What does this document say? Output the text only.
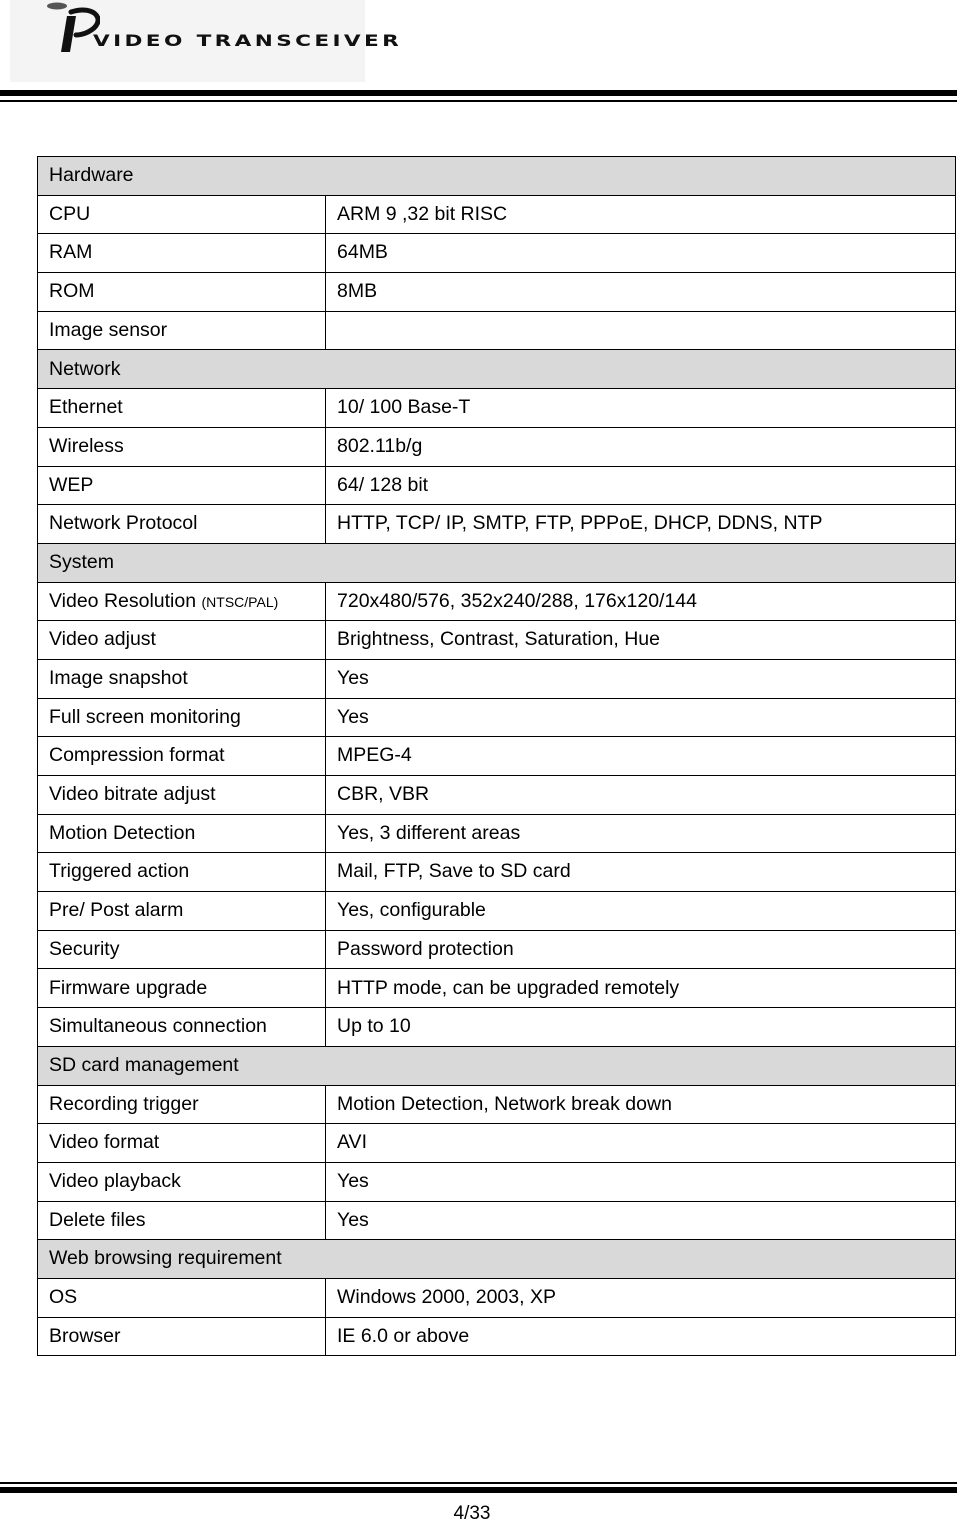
VIDEO TRANSCEIVER
Hardware	
CPU	ARM 9 ,32 bit RISC
RAM	64MB
ROM	8MB
Image sensor	
Network	
Ethernet	10/ 100 Base-T
Wireless	802.11b/g
WEP	64/ 128 bit
Network Protocol	HTTP, TCP/ IP, SMTP, FTP, PPPoE, DHCP, DDNS, NTP
System	
Video Resolution (NTSC/PAL)	720x480/576, 352x240/288, 176x120/144
Video adjust	Brightness, Contrast, Saturation, Hue
Image snapshot	Yes
Full screen monitoring	Yes
Compression format	MPEG-4
Video bitrate adjust	CBR, VBR
Motion Detection	Yes, 3 different areas
Triggered action	Mail, FTP, Save to SD card
Pre/ Post alarm	Yes, configurable
Security	Password protection
Firmware upgrade	HTTP mode, can be upgraded remotely
Simultaneous connection	Up to 10
SD card management	
Recording trigger	Motion Detection, Network break down
Video format	AVI
Video playback	Yes
Delete files	Yes
Web browsing requirement	
OS	Windows 2000, 2003, XP
Browser	IE 6.0 or above
4/33
